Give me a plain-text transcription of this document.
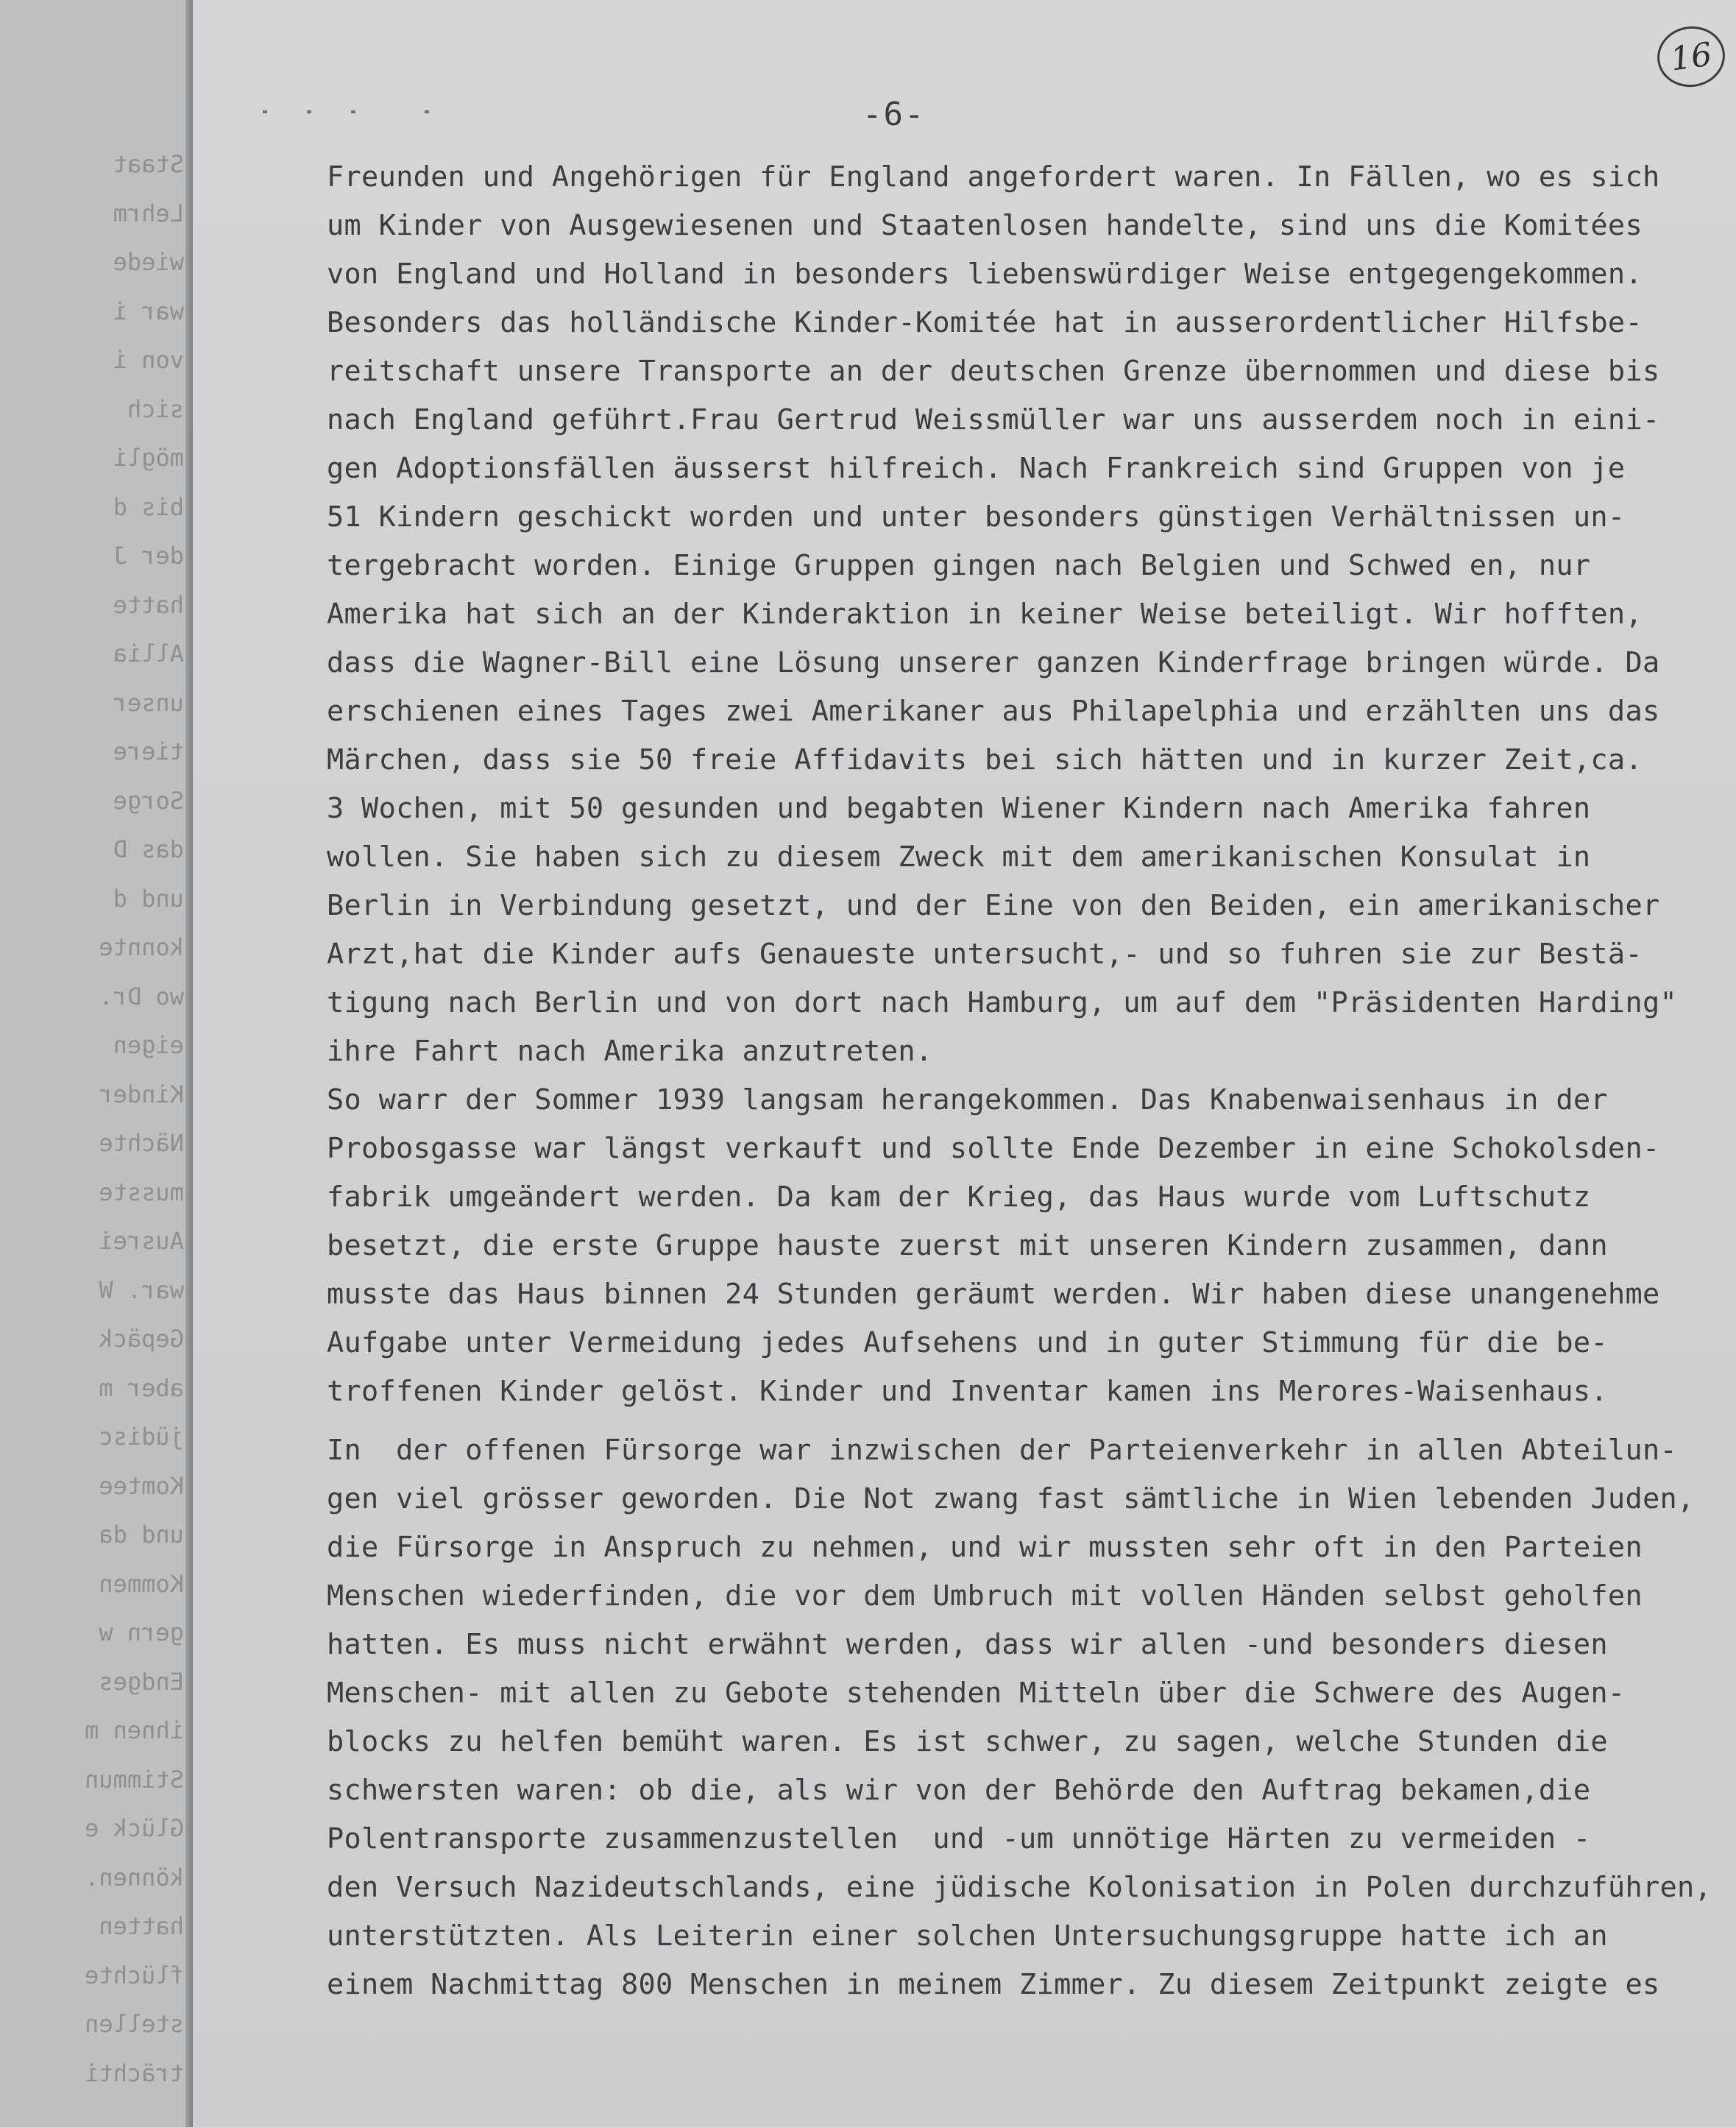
Staat
Lehrm
wiede
war i
von i
sich
mögli
bis d
der J
hatte
Allia
unser
tiere
Sorge
das D
und d
konnte
wo Dr.
eigen
Kinder
Nächte
musste
Ausrei
war. W
Gepäck
aber m
jüdisc
Komtee
und da
Kommen
gern w
Endges
ihnen m
Stimmun
Glück e
können.
hatten
flüchte
stellen
trächti
16
-6-
Freunden und Angehörigen für England angefordert waren. In Fällen, wo es sich
um Kinder von Ausgewiesenen und Staatenlosen handelte, sind uns die Komitées
von England und Holland in besonders liebenswürdiger Weise entgegengekommen.
Besonders das holländische Kinder-Komitée hat in ausserordentlicher Hilfsbe-
reitschaft unsere Transporte an der deutschen Grenze übernommen und diese bis
nach England geführt.Frau Gertrud Weissmüller war uns ausserdem noch in eini-
gen Adoptionsfällen äusserst hilfreich. Nach Frankreich sind Gruppen von je
51 Kindern geschickt worden und unter besonders günstigen Verhältnissen un-
tergebracht worden. Einige Gruppen gingen nach Belgien und Schwed en, nur
Amerika hat sich an der Kinderaktion in keiner Weise beteiligt. Wir hofften,
dass die Wagner-Bill eine Lösung unserer ganzen Kinderfrage bringen würde. Da
erschienen eines Tages zwei Amerikaner aus Philapelphia und erzählten uns das
Märchen, dass sie 50 freie Affidavits bei sich hätten und in kurzer Zeit,ca.
3 Wochen, mit 50 gesunden und begabten Wiener Kindern nach Amerika fahren
wollen. Sie haben sich zu diesem Zweck mit dem amerikanischen Konsulat in
Berlin in Verbindung gesetzt, und der Eine von den Beiden, ein amerikanischer
Arzt,hat die Kinder aufs Genaueste untersucht,- und so fuhren sie zur Bestä-
tigung nach Berlin und von dort nach Hamburg, um auf dem "Präsidenten Harding"
ihre Fahrt nach Amerika anzutreten.
So warr der Sommer 1939 langsam herangekommen. Das Knabenwaisenhaus in der
Probosgasse war längst verkauft und sollte Ende Dezember in eine Schokolsden-
fabrik umgeändert werden. Da kam der Krieg, das Haus wurde vom Luftschutz
besetzt, die erste Gruppe hauste zuerst mit unseren Kindern zusammen, dann
musste das Haus binnen 24 Stunden geräumt werden. Wir haben diese unangenehme
Aufgabe unter Vermeidung jedes Aufsehens und in guter Stimmung für die be-
troffenen Kinder gelöst. Kinder und Inventar kamen ins Merores-Waisenhaus.
In  der offenen Fürsorge war inzwischen der Parteienverkehr in allen Abteilun-
gen viel grösser geworden. Die Not zwang fast sämtliche in Wien lebenden Juden,
die Fürsorge in Anspruch zu nehmen, und wir mussten sehr oft in den Parteien
Menschen wiederfinden, die vor dem Umbruch mit vollen Händen selbst geholfen
hatten. Es muss nicht erwähnt werden, dass wir allen -und besonders diesen
Menschen- mit allen zu Gebote stehenden Mitteln über die Schwere des Augen-
blocks zu helfen bemüht waren. Es ist schwer, zu sagen, welche Stunden die
schwersten waren: ob die, als wir von der Behörde den Auftrag bekamen,die
Polentransporte zusammenzustellen  und -um unnötige Härten zu vermeiden -
den Versuch Nazideutschlands, eine jüdische Kolonisation in Polen durchzuführen,
unterstützten. Als Leiterin einer solchen Untersuchungsgruppe hatte ich an
einem Nachmittag 800 Menschen in meinem Zimmer. Zu diesem Zeitpunkt zeigte es
